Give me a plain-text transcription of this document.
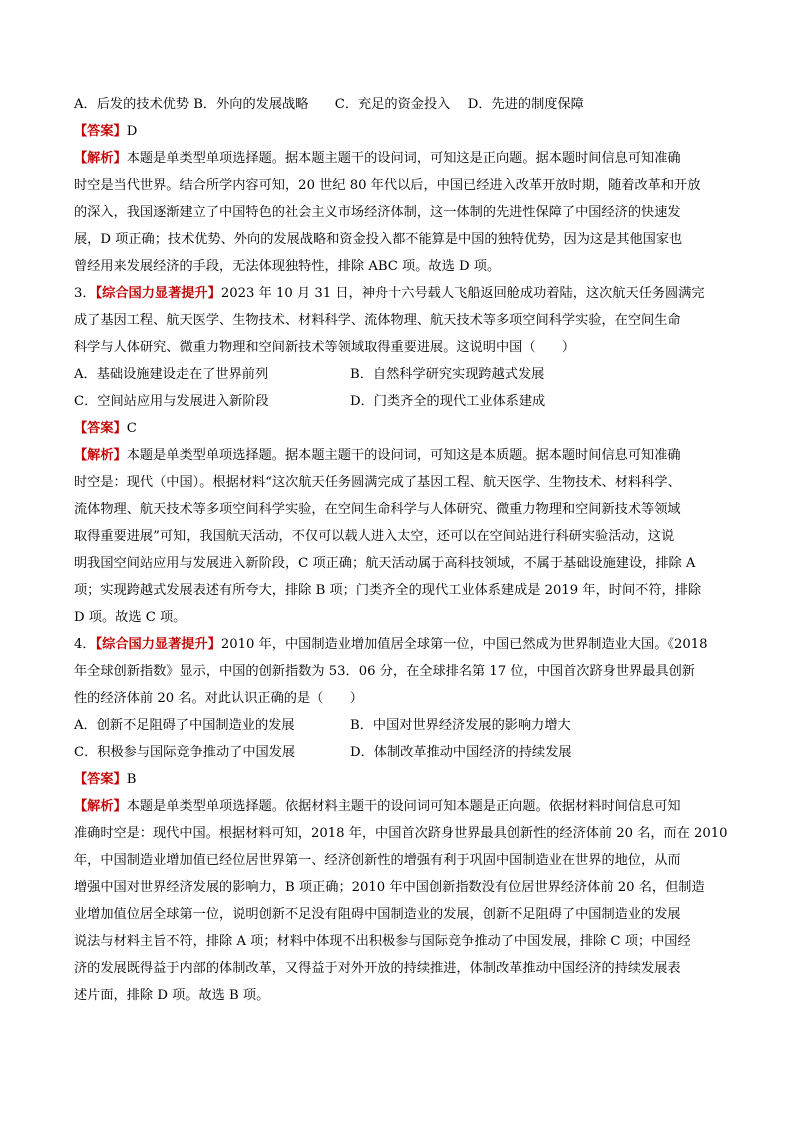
A．后发的技术优势 B．外向的发展战略　　C．充足的资金投入　 D．先进的制度保障
【答案】D
【解析】本题是单类型单项选择题。据本题主题干的设问词，可知这是正向题。据本题时间信息可知准确
时空是当代世界。结合所学内容可知，20 世纪 80 年代以后，中国已经进入改革开放时期，随着改革和开放
的深入，我国逐渐建立了中国特色的社会主义市场经济体制，这一体制的先进性保障了中国经济的快速发
展，D 项正确；技术优势、外向的发展战略和资金投入都不能算是中国的独特优势，因为这是其他国家也
曾经用来发展经济的手段，无法体现独特性，排除 ABC 项。故选 D 项。
3．【综合国力显著提升】2023 年 10 月 31 日，神舟十六号载人飞船返回舱成功着陆，这次航天任务圆满完
成了基因工程、航天医学、生物技术、材料科学、流体物理、航天技术等多项空间科学实验，在空间生命
科学与人体研究、微重力物理和空间新技术等领域取得重要进展。这说明中国（　　）
A．基础设施建设走在了世界前列	B．自然科学研究实现跨越式发展
C．空间站应用与发展进入新阶段	D．门类齐全的现代工业体系建成
【答案】C
【解析】本题是单类型单项选择题。据本题主题干的设问词，可知这是本质题。据本题时间信息可知准确
时空是：现代（中国）。根据材料“这次航天任务圆满完成了基因工程、航天医学、生物技术、材料科学、
流体物理、航天技术等多项空间科学实验，在空间生命科学与人体研究、微重力物理和空间新技术等领域
取得重要进展”可知，我国航天活动，不仅可以载人进入太空，还可以在空间站进行科研实验活动，这说
明我国空间站应用与发展进入新阶段，C 项正确；航天活动属于高科技领域，不属于基础设施建设，排除 A
项；实现跨越式发展表述有所夸大，排除 B 项；门类齐全的现代工业体系建成是 2019 年，时间不符，排除
D 项。故选 C 项。
4．【综合国力显著提升】2010 年，中国制造业增加值居全球第一位，中国已然成为世界制造业大国。《2018
年全球创新指数》显示，中国的创新指数为 53．06 分，在全球排名第 17 位，中国首次跻身世界最具创新
性的经济体前 20 名。对此认识正确的是（　　）
A．创新不足阻碍了中国制造业的发展	B．中国对世界经济发展的影响力增大
C．积极参与国际竞争推动了中国发展	D．体制改革推动中国经济的持续发展
【答案】B
【解析】本题是单类型单项选择题。依据材料主题干的设问词可知本题是正向题。依据材料时间信息可知
准确时空是：现代中国。根据材料可知，2018 年，中国首次跻身世界最具创新性的经济体前 20 名，而在 2010
年，中国制造业增加值已经位居世界第一、经济创新性的增强有利于巩固中国制造业在世界的地位，从而
增强中国对世界经济发展的影响力，B 项正确；2010 年中国创新指数没有位居世界经济体前 20 名，但制造
业增加值位居全球第一位，说明创新不足没有阻碍中国制造业的发展，创新不足阻碍了中国制造业的发展
说法与材料主旨不符，排除 A 项；材料中体现不出积极参与国际竞争推动了中国发展，排除 C 项；中国经
济的发展既得益于内部的体制改革，又得益于对外开放的持续推进，体制改革推动中国经济的持续发展表
述片面，排除 D 项。故选 B 项。
